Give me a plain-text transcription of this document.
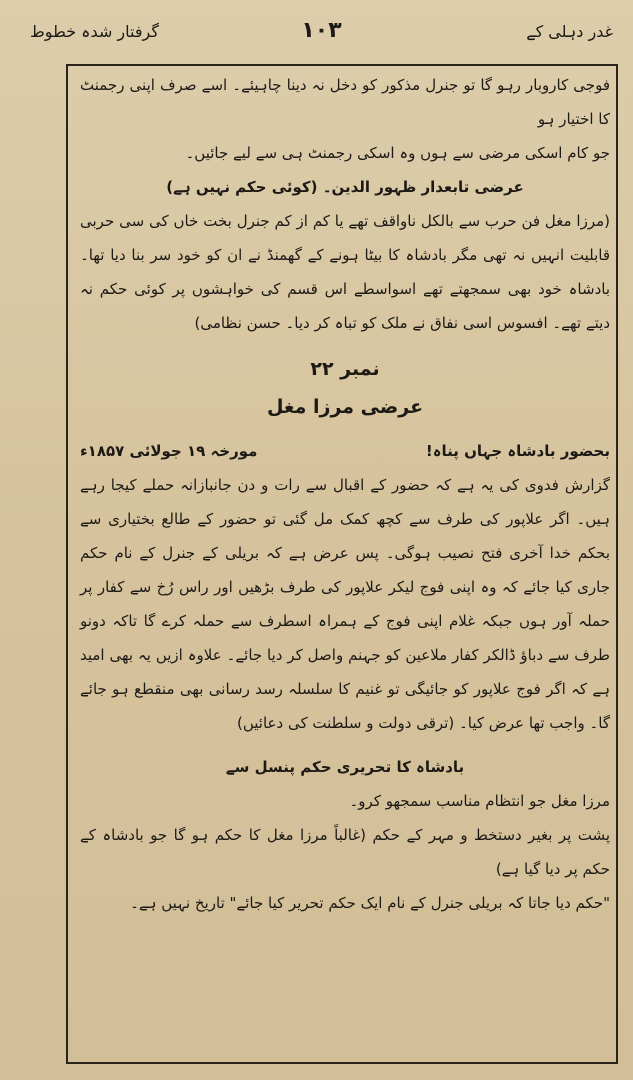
گرفتار شدہ خطوط	۱۰۳	غدر دہلی کے

فوجی کاروبار رہو گا تو جنرل مذکور کو دخل نہ دینا چاہیئے۔ اسے صرف اپنی رجمنٹ کا اختیار ہو

جو کام اسکی مرضی سے ہوں وہ اسکی رجمنٹ ہی سے لیے جائیں۔

عرضی تابعدار ظہور الدین۔ (کوئی حکم نہیں ہے)

(مرزا مغل فن حرب سے بالکل ناواقف تھے یا کم از کم جنرل بخت خاں کی سی حربی قابلیت انہیں نہ تھی مگر بادشاہ کا بیٹا ہونے کے گھمنڈ نے ان کو خود سر بنا دیا تھا۔ بادشاہ خود بھی سمجھتے تھے اسواسطے اس قسم کی خواہشوں پر کوئی حکم نہ دیتے تھے۔ افسوس اسی نفاق نے ملک کو تباہ کر دیا۔ حسن نظامی)

نمبر ۲۲
عرضی مرزا مغل
بحضور بادشاہ جہاں پناہ!
مورخہ ۱۹ جولائی ۱۸۵۷ء

گزارش فدوی کی یہ ہے کہ حضور کے اقبال سے رات و دن جانبازانہ حملے کیجا رہے ہیں۔ اگر علاپور کی طرف سے کچھ کمک مل گئی تو حضور کے طالع بختیاری سے بحکم خدا آخری فتح نصیب ہوگی۔ پس عرض ہے کہ بریلی کے جنرل کے نام حکم جاری کیا جائے کہ وہ اپنی فوج لیکر علاپور کی طرف بڑھیں اور راس رُخ سے کفار پر حملہ آور ہوں جبکہ غلام اپنی فوج کے ہمراہ اسطرف سے حملہ کرے گا تاکہ دونو طرف سے دباؤ ڈالکر کفار ملاعین کو جہنم واصل کر دیا جائے۔ علاوہ ازیں یہ بھی امید ہے کہ اگر فوج علاپور کو جائیگی تو غنیم کا سلسلہ رسد رسانی بھی منقطع ہو جائے گا۔ واجب تھا عرض کیا۔ (ترقی دولت و سلطنت کی دعائیں)

بادشاہ کا تحریری حکم پنسل سے

مرزا مغل جو انتظام مناسب سمجھو کرو۔

پشت پر بغیر دستخط و مہر کے حکم (غالباً مرزا مغل کا حکم ہو گا جو بادشاہ کے حکم پر دیا گیا ہے)

"حکم دیا جاتا کہ بریلی جنرل کے نام ایک حکم تحریر کیا جائے" تاریخ نہیں ہے۔
